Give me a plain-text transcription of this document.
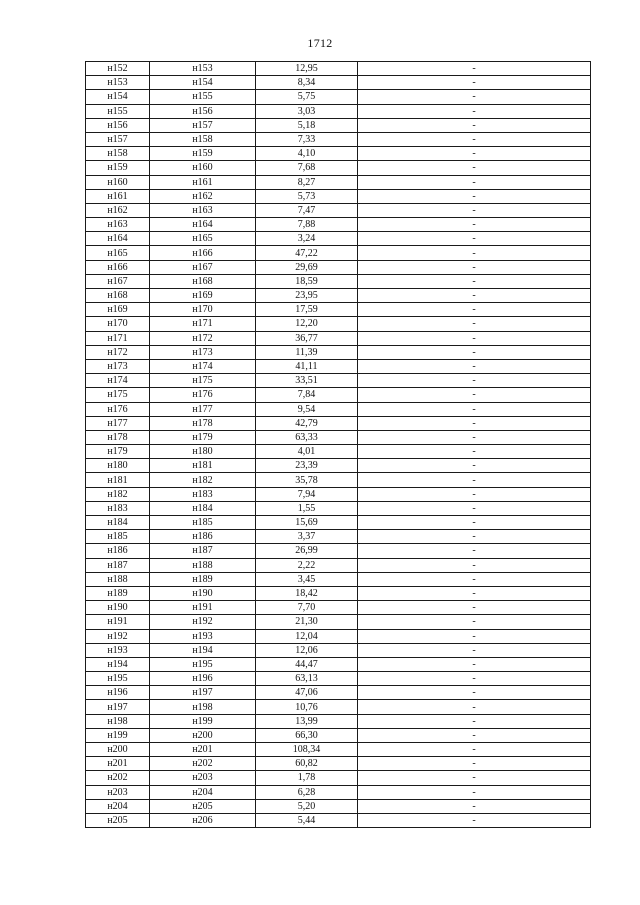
1712
н152	н153	12,95	-
н153	н154	8,34	-
н154	н155	5,75	-
н155	н156	3,03	-
н156	н157	5,18	-
н157	н158	7,33	-
н158	н159	4,10	-
н159	н160	7,68	-
н160	н161	8,27	-
н161	н162	5,73	-
н162	н163	7,47	-
н163	н164	7,88	-
н164	н165	3,24	-
н165	н166	47,22	-
н166	н167	29,69	-
н167	н168	18,59	-
н168	н169	23,95	-
н169	н170	17,59	-
н170	н171	12,20	-
н171	н172	36,77	-
н172	н173	11,39	-
н173	н174	41,11	-
н174	н175	33,51	-
н175	н176	7,84	-
н176	н177	9,54	-
н177	н178	42,79	-
н178	н179	63,33	-
н179	н180	4,01	-
н180	н181	23,39	-
н181	н182	35,78	-
н182	н183	7,94	-
н183	н184	1,55	-
н184	н185	15,69	-
н185	н186	3,37	-
н186	н187	26,99	-
н187	н188	2,22	-
н188	н189	3,45	-
н189	н190	18,42	-
н190	н191	7,70	-
н191	н192	21,30	-
н192	н193	12,04	-
н193	н194	12,06	-
н194	н195	44,47	-
н195	н196	63,13	-
н196	н197	47,06	-
н197	н198	10,76	-
н198	н199	13,99	-
н199	н200	66,30	-
н200	н201	108,34	-
н201	н202	60,82	-
н202	н203	1,78	-
н203	н204	6,28	-
н204	н205	5,20	-
н205	н206	5,44	-
